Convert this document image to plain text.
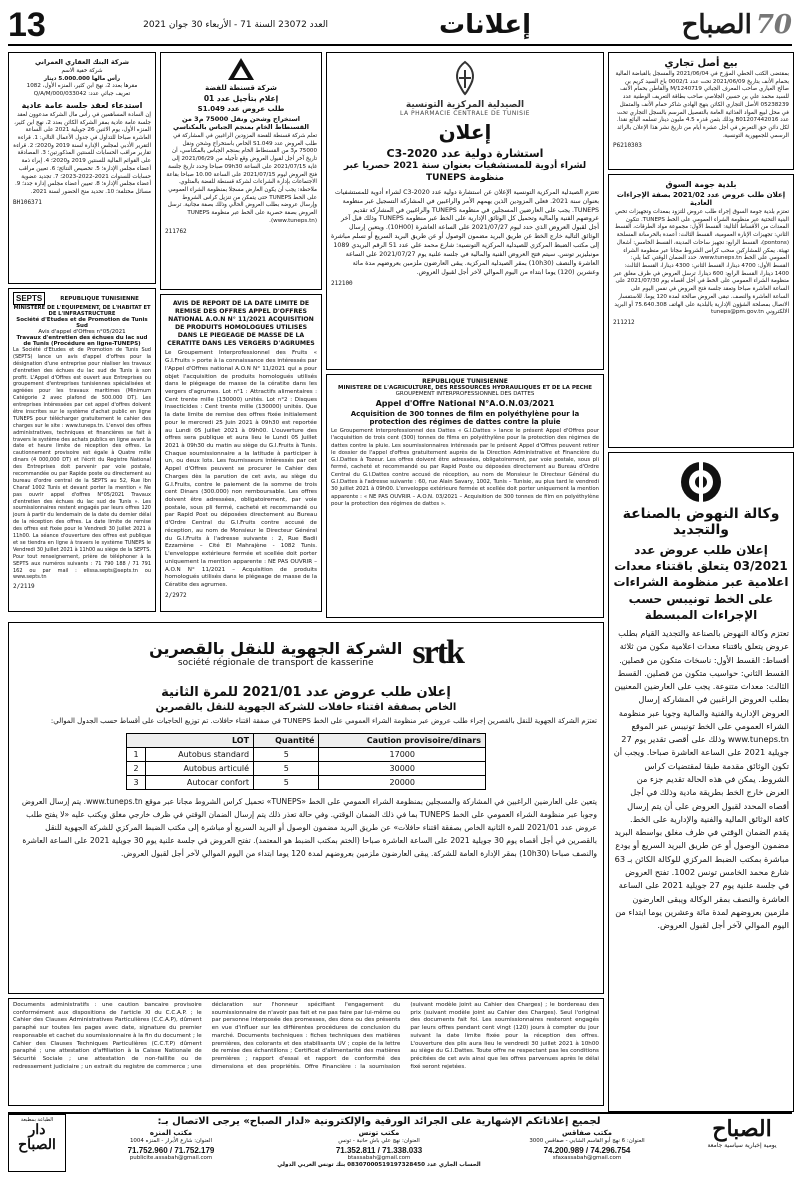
13	العدد 23072 السنة 71 - الأربعاء 30 جوان 2021	إعلانات	الصباح 70
بيع أصل تجاري

بمقتضى الكتب الخطي المؤرخ في 2021/06/04 والمسجل بالقباضة المالية بحمام الأنف بتاريخ 2021/06/09 تحت عدد 0002/1 باع السيد كريم بن صالح العياري صاحب المعرف الجبائي 1240719/M والقاطن بحمام الأنف للسيد محمد علي بن حسين الجلاصي صاحب بطاقة التعريف الوطنية عدد 05238239 الأصل التجاري الكائن بنهج الهادي شاكر حمام الأنف والمتمثل في محل لبيع المواد الغذائية العامة بالتفصيل المرسم بالسجل التجاري تحت عدد B01207442016 وذلك بثمن قدره 4.5 مليون دينار تسلمه البائع نقدا. لكل دائن حق التعرض في أجل عشرة أيام من تاريخ نشر هذا الإعلان بالرائد الرسمي للجمهورية التونسية.

P6210303
بلدية جومة السوق
إعلان طلب عروض عدد 2021/02 بصفة الإجراءات العادية

تعتزم بلدية جومة السوق إجراء طلب عروض للتزود بمعدات وتجهيزات تخص البنية التحتية عبر منظومة الشراء العمومي على الخط TUNEPS. تتكون المعدات من الأقساط التالية: القسط الأول: مجموعة مواد الطرقات، القسط الثاني: تجهيزات الإنارة العمومية، القسط الثالث: أعمدة بالخرسانة المسلحة (pontons)، القسط الرابع: تجهيز ساحات المدينة، القسط الخامس: أشغال تهيئة. يمكن للمشاركين سحب كراس الشروط مجانا عبر منظومة الشراء العمومي على الخط www.tuneps.tn. حدد الضمان الوقتي كما يلي: القسط الأول: 4700 دينارا، القسط الثاني: 4300 دينارا، القسط الثالث: 1400 دينارا، القسط الرابع: 600 دينارا. ترسل العروض في ظرف مغلق عبر منظومة الشراء العمومي على الخط في أجل أقصاه يوم 2021/07/30 على الساعة العاشرة صباحا وتعقد جلسة فتح العروض في نفس اليوم على الساعة العاشرة والنصف. تبقى العروض صالحة لمدة 120 يوما. للاستفسار الاتصال بمصلحة الشؤون الإدارية بالبلدية على الهاتف 75.640.308 أو البريد الالكتروني tuneps@pm.gov.tn

211212
وكالة النهوض بالصناعة والتجديد
إعلان طلب عروض عدد 03/2021 يتعلق باقتناء معدات اعلامية عبر منظومة الشراءات على الخط تونيبس حسب الإجراءات المبسطة

تعتزم وكالة النهوض بالصناعة والتجديد القيام بطلب عروض يتعلق باقتناء معدات اعلامية مكون من ثلاثة أقساط: القسط الأول: ناسخات متكون من قصلين. القسط الثاني: حواسيب متكون من قصلين. القسط الثالث: معدات متنوعة. يجب على العارضين المعنيين بطلب العروض الراغبين في المشاركة إرسال العروض الإدارية والفنية والمالية وجوبا عبر منظومة الشراء العمومي على الخط تونيبس عبر الموقع www.tuneps.tn وذلك على أقصى تقدير يوم 27 جويلية 2021 على الساعة العاشرة صباحا. ويجب أن تكون الوثائق مقدمة طبقا لمقتضيات كراس الشروط. يمكن في هذه الحالة تقديم جزء من العرض خارج الخط بطريقة مادية وذلك في أجل أقصاه المحدد لقبول العروض على أن يتم إرسال كافة الوثائق المالية والفنية والإدارية على الخط. يقدم الضمان الوقتي في ظرف مغلق بواسطة البريد مضمون الوصول أو عن طريق البريد السريع أو يودع مباشرة بمكتب الضبط المركزي للوكالة الكائن بـ 63 شارع محمد الخامس تونس 1002. تفتح العروض في جلسة علنية يوم 27 جويلية 2021 على الساعة العاشرة والنصف بمقر الوكالة ويبقى العارضون ملزمين بعروضهم لمدة مائة وعشرين يوما ابتداء من اليوم الموالي لآخر أجل لقبول العروض.

الصيدلية المركزية التونسية
LA PHARMACIE CENTRALE DE TUNISIE
إعلان
استشارة دولية عدد C3-2020
لشراء أدوية للمستشفيات بعنوان سنة 2021 حصريا عبر منظومة TUNEPS

تعتزم الصيدلية المركزية التونسية الإعلان عن استشارة دولية عدد C3-2020 لشراء أدوية للمستشفيات بعنوان سنة 2021. فعلى المزودين الذين يهمهم الأمر والراغبين في المشاركة التسجيل عبر منظومة TUNEPS. يجب على العارضين المسجلين في منظومة TUNEPS والراغبين في المشاركة تقديم عروضهم الفنية والمالية وتحميل كل الوثائق الإدارية على الخط عبر منظومة TUNEPS وذلك قبل آخر أجل لقبول العروض الذي حدد ليوم 2021/07/27 على الساعة العاشرة (10H00). ويتعين إرسال الوثائق التالية خارج الخط عن طريق البريد مضمون الوصول أو عن طريق البريد السريع أو تسلم مباشرة إلى مكتب الضبط المركزي للصيدلية المركزية التونسية: شارع محمد علي عدد 51 الرقم البريدي 1089 مونبليزير تونس. سيتم فتح العروض الفنية والمالية في جلسة علنية يوم 2021/07/27 على الساعة العاشرة والنصف (10h30) بمقر الصيدلية المركزية. يبقى العارضون ملزمين بعروضهم مدة مائة وعشرين (120) يوما ابتداء من اليوم الموالي لآخر أجل لقبول العروض.

212100
شركة قسنطة للفضة
إعلام بتأجيل عدد 01
طلب عروض عدد S1.049
استخراج وشحن ونقل 75000 م3 من القسنطاط الخام بمنجم الجباس بالمكناسي

تعلم شركة قسنطة للفضة المزودين الراغبين في المشاركة في طلب العروض عدد S1.049 الخاص باستخراج وشحن ونقل 75000 م3 من القسنطاط الخام بمنجم الجباس بالمكناسي، أن تاريخ آخر أجل لقبول العروض وقع تأجيله من 2021/06/29 إلى غاية 2021/07/15 على الساعة 09h30 صباحا وحدد تاريخ جلسة فتح العروض ليوم 2021/07/15 على الساعة 10.00 صباحا بقاعة الاجتماعات بإدارة الشراءات لشركة قسنطة للفضة بالمتلوي. ملاحظة: يجب أن يكون العارض مسجلا بمنظومة الشراء العمومي على الخط TUNEPS حتى يتمكن من تنزيل كراس الشروط وإرسال عروضه بطلب العروض الحالي وذلك بصفة مجانية. ترسل العروض بصفة حصرية على الخط عبر منظومة TUNEPS (www.tuneps.tn).

211762
AVIS DE REPORT DE LA DATE LIMITE DE REMISE DES OFFRES APPEL D'OFFRES NATIONAL A.O.N N° 11/2021 ACQUISITION DE PRODUITS HOMOLOGUES UTILISES DANS LE PIEGEAGE DE MASSE DE LA CERATITE DANS LES VERGERS D'AGRUMES

Le Groupement Interprofessionnel des Fruits « G.I.Fruits » porte à la connaissance des intéressés par l'Appel d'Offres national A.O.N N° 11/2021 qui a pour objet l'acquisition de produits homologués utilisés dans le piégeage de masse de la cératite dans les vergers d'agrumes. Lot n°1 : Attractifs alimentaires : Cent trente mille (130000) unités. Lot n°2 : Disques insecticides : Cent trente mille (130000) unités. Que la date limite de remise des offres fixée initialement pour le mercredi 25 Juin 2021 à 09h30 est reportée au Lundi 05 Juillet 2021 à 09h00. L'ouverture des offres sera publique et aura lieu le Lundi 05 Juillet 2021 à 09h30 du matin au siège du G.I.Fruits à Tunis. Chaque soumissionnaire a la latitude à participer à un, ou deux lots. Les fournisseurs intéressés par cet Appel d'Offres peuvent se procurer le Cahier des Charges dès la parution de cet avis, au siège du G.I.Fruits, contre le paiement de la somme de trois cent Dinars (300.000) non remboursable. Les offres doivent être adressées, obligatoirement, par voie postale, sous pli fermé, cacheté et recommandé ou par Rapid Post ou déposées directement au Bureau d'Ordre Central du G.I.Fruits contre accusé de réception, au nom de Monsieur le Directeur Général du G.I.Fruits à l'adresse suivante : 2, Rue Badii Ezzamène – Cité El Mahrajène - 1082 Tunis. L'enveloppe extérieure fermée et scellée doit porter uniquement la mention apparente : NE PAS OUVRIR – A.O.N N° 11/2021 – Acquisition de produits homologués utilisés dans le piégeage de masse de la Cératite des agrumes.

2/2972
شركة البنك العقاري العمراني
شركة خفية الاسم
رأس مالها 5.000.000 دينار
مقرها بعدد 2، نهج ابن كثير، المنزه الأول، 1082
تعريف جبائي عدد: 033042/Q/A/M/000
استدعاء لعقد جلسة عامة عادية

إن السادة المساهمين في رأس مال الشركة مدعوون لعقد جلسة عامة عادية بمقر الشركة الكائن بعدد 2، نهج ابن كثير، المنزه الأول، يوم الاثنين 26 جويلية 2021 على الساعة العاشرة صباحا للتداول في جدول الأعمال التالي: 1. قراءة التقرير الأدبي لمجلس الإدارة لسنة 2019 و2020؛ 2. قراءة تقارير مراقب الحسابات للسنتين المذكورتين؛ 3. المصادقة على القوائم المالية للسنتين 2019 و2020؛ 4. إبراء ذمة أعضاء مجلس الإدارة؛ 5. تخصيص النتائج؛ 6. تعيين مراقب حسابات للسنوات 2021-2022-2023؛ 7. تجديد عضوية أعضاء مجلس الإدارة؛ 8. تعيين أعضاء مجلس إدارة جدد؛ 9. مسائل مختلفة؛ 10. تحديد منح الحضور لسنة 2021.

BH106371
SEPTS	REPUBLIQUE TUNISIENNE
MINISTERE DE L'EQUIPEMENT, DE L'HABITAT ET DE L'INFRASTRUCTURE
Société d'Etudes et de Promotion de Tunis Sud
Avis d'appel d'Offres n°05/2021
Travaux d'entretien des échues du lac sud de Tunis (Procédure en ligne-TUNEPS)

La Société d'Etudes et de Promotion de Tunis Sud (SEPTS) lance un avis d'appel d'offres pour la désignation d'une entreprise pour réaliser les travaux d'entretien des échues du lac sud de Tunis à son profit. L'Appel d'Offres est ouvert aux Entreprises ou groupement d'entreprises tunisiennes spécialisées et agréées pour les travaux maritimes (Minimum Catégorie 2 avec plafond de 500.000 DT). Les entreprises intéressées par cet appel d'offres doivent être inscrites sur le système d'achat public en ligne TUNEPS pour télécharger gratuitement le cahier des charges sur le site : www.tuneps.tn. L'envoi des offres administratives, techniques et financières se fait à travers le système des achats publics en ligne avant la date et heure limite de réception des offres. Le cautionnement provisoire est égale à Quatre mille dinars (4 000,000 DT) et l'écrit du Registre National des Entreprises doit parvenir par voie postale, recommandée ou par Rapide poste ou directement au bureau d'ordre central de la SEPTS au 52, Rue Ibn Charaf 1002 Tunis et devant porter la mention « Ne pas ouvrir appel d'offres N°05/2021 Travaux d'entretien des échues du lac sud de Tunis ». Les soumissionnaires restent engagés par leurs offres 120 jours à partir du lendemain de la date du dernier délai de la réception des offres. La date limite de remise des offres est fixée pour le Vendredi 30 Juillet 2021 à 11h00. La séance d'ouverture des offres est publique et se tiendra en ligne à travers le système TUNEPS le Vendredi 30 Juillet 2021 à 11h00 au siège de la SEPTS. Pour tout renseignement, prière de téléphoner à la SEPTS aux numéros suivants : 71 790 188 / 71 791 162 ou par mail : elissa.septs@septs.tn ou www.septs.tn

2/2119
srtk
الشركة الجهوية للنقل بالقصرين
société régionale de transport de kasserine
إعلان طلب عروض عدد 2021/01 للمرة الثانية
الخاص بصفقة اقتناء حافلات للشركة الجهوية للنقل بالقصرين

تعتزم الشركة الجهوية للنقل بالقصرين إجراء طلب عروض عبر منظومة الشراء العمومي على الخط TUNEPS في صفقة اقتناء حافلات. تم توزيع الحاجيات على أقساط حسب الجدول الموالي:

LOT		Quantité	Caution provisoire/dinars
1	Autobus standard	5	17000
2	Autobus articulé	5	30000
3	Autocar confort	5	20000

يتعين على العارضين الراغبين في المشاركة والمسجلين بمنظومة الشراء العمومي على الخط «TUNEPS» تحميل كراس الشروط مجانا عبر موقع www.tuneps.tn. يتم إرسال العروض وجوبا عبر منظومة الشراء العمومي على الخط TUNEPS بما في ذلك الضمان الوقتي. وفي حالة تعذر ذلك يتم إرسال الضمان الوقتي في ظرف خارجي مغلق ويكتب عليه «لا يفتح طلب عروض عدد 2021/01 للمرة الثانية الخاص بصفقة اقتناء حافلات» عن طريق البريد مضمون الوصول أو البريد السريع أو مباشرة إلى مكتب الضبط المركزي للشركة الجهوية للنقل بالقصرين في أجل أقصاه يوم 30 جويلية 2021 على الساعة العاشرة صباحا (الختم بمكتب الضبط هو المعتمد). تفتح العروض في جلسة علنية يوم 30 جويلية 2021 على الساعة العاشرة والنصف صباحا (10h30) بمقر الإدارة العامة للشركة. يبقى العارضون ملزمين بعروضهم لمدة 120 يوما ابتداء من اليوم الموالي لآخر أجل لقبول العروض.

REPUBLIQUE TUNISIENNE
MINISTERE DE L'AGRICULTURE, DES RESSOURCES HYDRAULIQUES ET DE LA PECHE
GROUPEMENT INTERPROFESSIONNEL DES DATTES
Appel d'Offre National N°A.O.N.03/2021
Acquisition de 300 tonnes de film en polyéthylène pour la protection des régimes de dattes contre la pluie

Le Groupement Interprofessionnel des Dattes « G.I.Dattes » lance le présent Appel d'Offres pour l'acquisition de trois cent (300) tonnes de films en polyéthylène pour la protection des régimes de dattes contre la pluie. Les soumissionnaires intéressés par le présent Appel d'Offres peuvent retirer le dossier de l'appel d'offres gratuitement auprès de la Direction Administrative et Financière du G.I.Dattes à Tozeur. Les offres doivent être adressées, obligatoirement, par voie postale, sous pli fermé, cacheté et recommandé ou par Rapid Poste ou déposées directement au Bureau d'Ordre Central du G.I.Dattes contre accusé de réception, au nom de Monsieur le Directeur Général du G.I.Dattes à l'adresse suivante : 60, rue Alain Savary, 1002, Tunis – Tunisie, au plus tard le vendredi 30 juillet 2021 à 09h00. L'enveloppe extérieure fermée et scellée doit porter uniquement la mention apparente : « NE PAS OUVRIR – A.O.N. 03/2021 – Acquisition de 300 tonnes de film en polyéthylène pour la protection des régimes de dattes ».

Documents administratifs : une caution bancaire provisoire conformément aux dispositions de l'article XI du C.C.A.P. ; le Cahier des Clauses Administratives Particulières (C.C.A.P), dûment paraphé sur toutes les pages avec date, signature du premier responsable et cachet du soumissionnaire à la fin du document ; le Cahier des Clauses Techniques Particulières (C.C.T.P) dûment paraphé ; une attestation d'affiliation à la Caisse Nationale de Sécurité Sociale ; une attestation de non-faillite ou de redressement judiciaire ; un extrait du registre de commerce ; une déclaration sur l'honneur spécifiant l'engagement du soumissionnaire de n'avoir pas fait et ne pas faire par lui-même ou par personne interposée des promesses, des dons ou des présents en vue d'influer sur les différentes procédures de conclusion du marché. Documents techniques : fiches techniques des matières premières, des colorants et des stabilisants UV ; copie de la lettre de remise des échantillons ; Certificat d'alimentarité des matières premières ; rapport d'essai et rapport de conformité des dimensions et des propriétés. Offre Financière : la soumission (suivant modèle joint au Cahier des Charges) ; le bordereau des prix (suivant modèle joint au Cahier des Charges). Seul l'original des documents fait foi. Les soumissionnaires resteront engagés par leurs offres pendant cent vingt (120) jours à compter du jour suivant la date limite fixée pour la réception des offres. L'ouverture des plis aura lieu le vendredi 30 juillet 2021 à 10h00 au siège du G.I.Dattes. Toute offre ne respectant pas les conditions précitées de cet avis ainsi que les offres parvenues après le délai fixé seront rejetées.

الطباعة بمطبعة
دار
الصباح
لجميع إعلاناتكم الإشهارية على الجرائد الورقية والإلكترونية «لدار الصباح» يرجى الاتصال بـ:
مكتب صفاقس
العنوان: 6 نهج أبو القاسم الشابي - صفاقس 3000
74.296.754 / 74.200.989
sfaxassabah@gmail.com
مكتب تونس
العنوان: نهج علي باش حانبة - تونس
71.338.033 / 71.352.811
btassabah@gmail.com
مكتب المنزه
العنوان: شارع الأبرار - المنزه 1004
71.752.179 / 71.752.960
publicite.assabah@gmail.com
الحساب الجاري عدد 08307000519197328450 بنك تونس العربي الدولي
الصباح
يومية إخبارية سياسية جامعة
